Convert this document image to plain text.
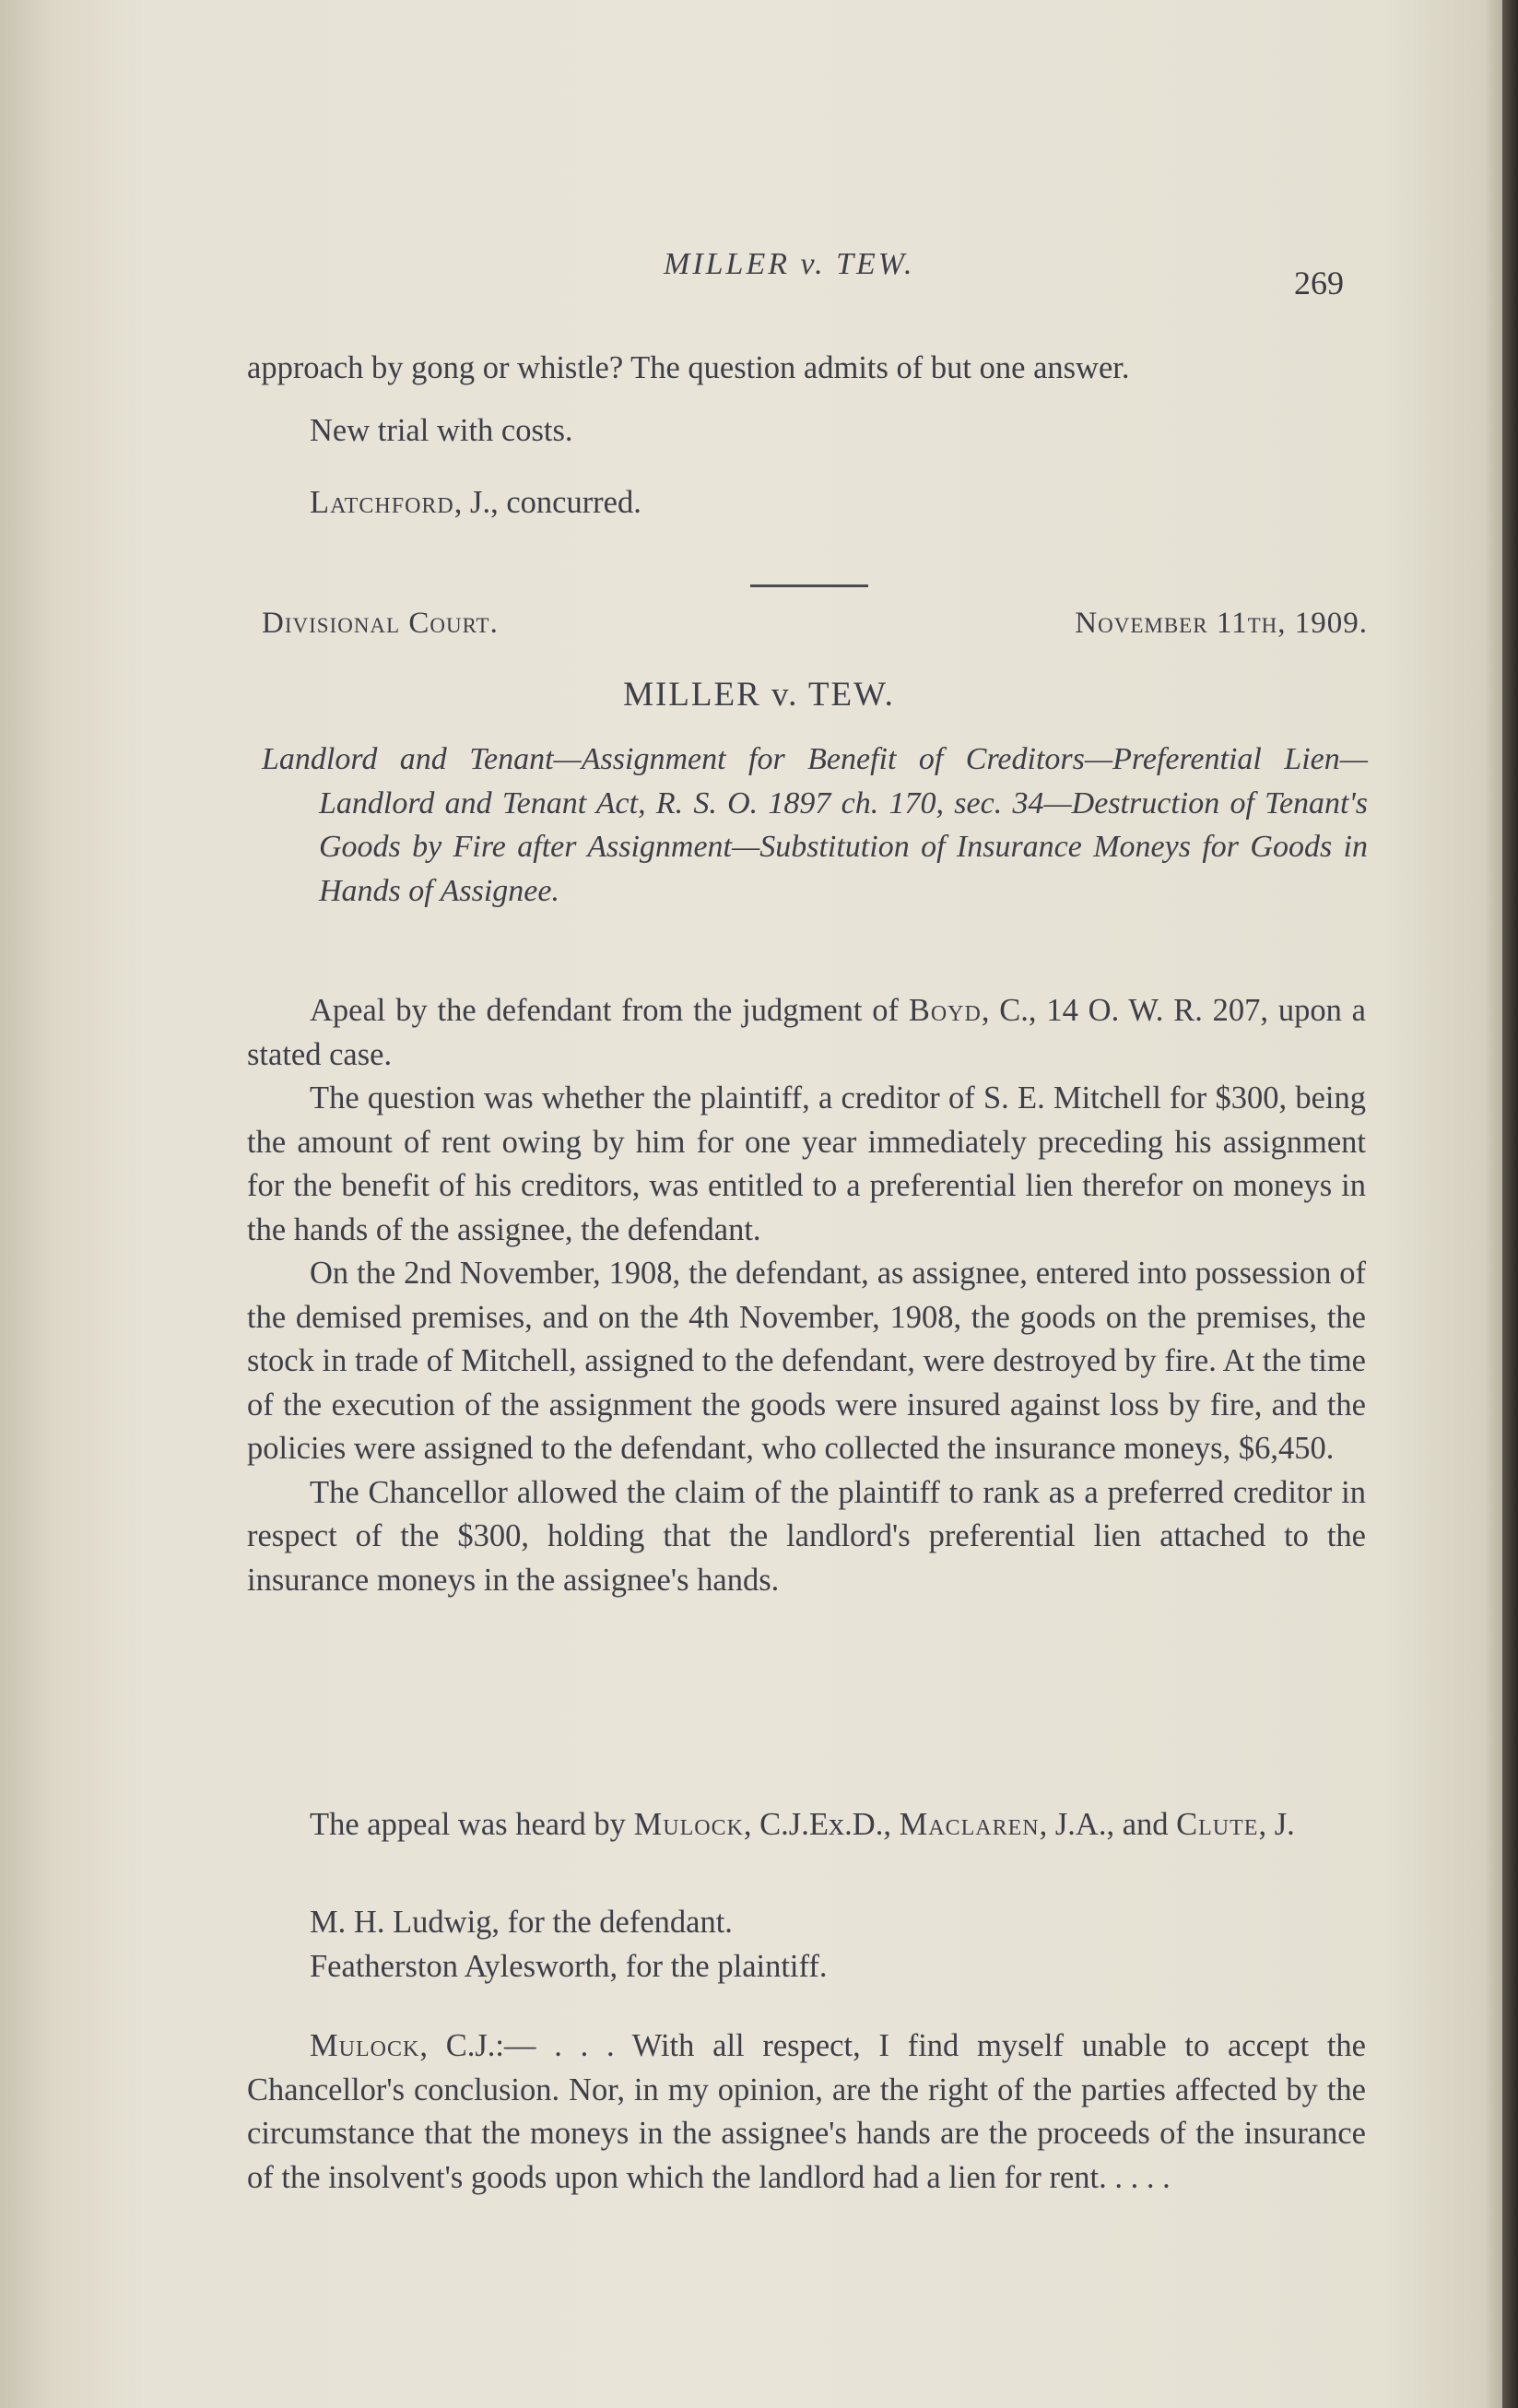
MILLER v. TEW.
269

approach by gong or whistle? The question admits of but one answer.

New trial with costs.

Latchford, J., concurred.

Divisional Court.	November 11th, 1909.
MILLER v. TEW.
Landlord and Tenant—Assignment for Benefit of Creditors—Preferential Lien—Landlord and Tenant Act, R. S. O. 1897 ch. 170, sec. 34—Destruction of Tenant's Goods by Fire after Assignment—Substitution of Insurance Moneys for Goods in Hands of Assignee.

Apeal by the defendant from the judgment of Boyd, C., 14 O. W. R. 207, upon a stated case.

The question was whether the plaintiff, a creditor of S. E. Mitchell for $300, being the amount of rent owing by him for one year immediately preceding his assignment for the benefit of his creditors, was entitled to a preferential lien therefor on moneys in the hands of the assignee, the defendant.

On the 2nd November, 1908, the defendant, as assignee, entered into possession of the demised premises, and on the 4th November, 1908, the goods on the premises, the stock in trade of Mitchell, assigned to the defendant, were destroyed by fire. At the time of the execution of the assignment the goods were insured against loss by fire, and the policies were assigned to the defendant, who collected the insurance moneys, $6,450.

The Chancellor allowed the claim of the plaintiff to rank as a preferred creditor in respect of the $300, holding that the landlord's preferential lien attached to the insurance moneys in the assignee's hands.

The appeal was heard by Mulock, C.J.Ex.D., Maclaren, J.A., and Clute, J.

M. H. Ludwig, for the defendant.

Featherston Aylesworth, for the plaintiff.

Mulock, C.J.:— . . . With all respect, I find myself unable to accept the Chancellor's conclusion. Nor, in my opinion, are the right of the parties affected by the circumstance that the moneys in the assignee's hands are the proceeds of the insurance of the insolvent's goods upon which the landlord had a lien for rent. . . . .
